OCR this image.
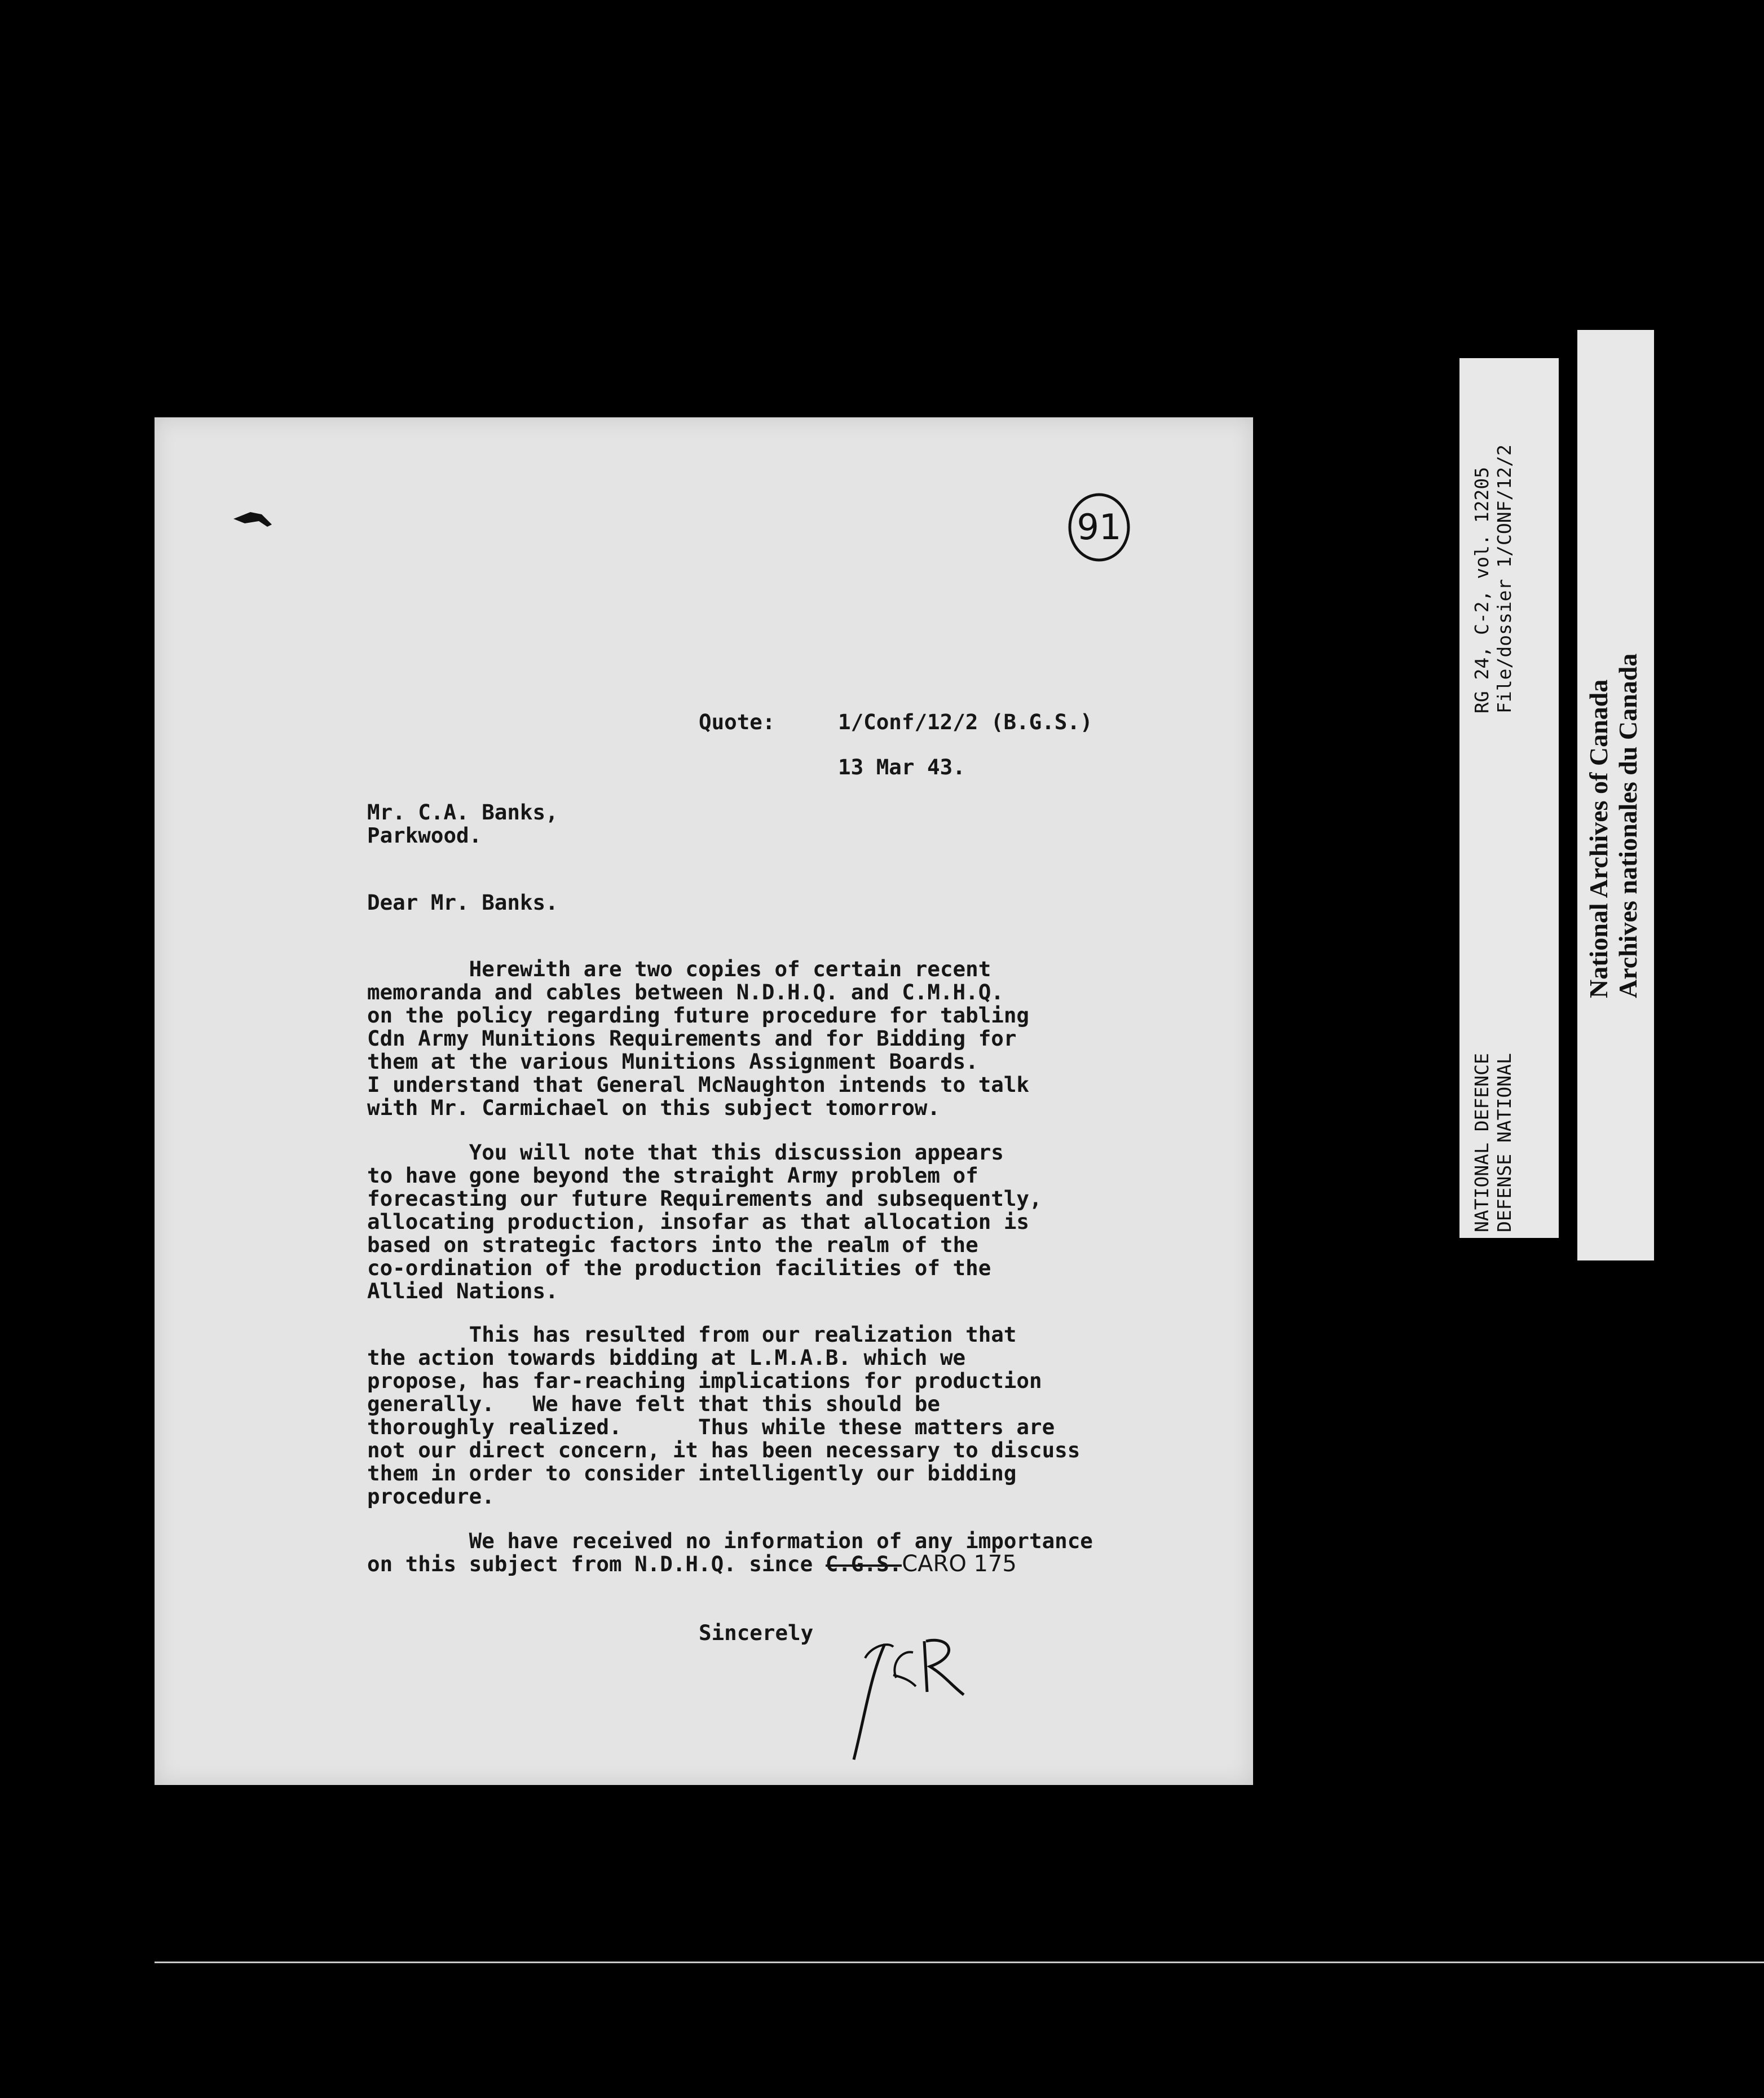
91
Quote:	1/Conf/12/2 (B.G.S.)
13 Mar 43.
Mr. C.A. Banks,
Parkwood.
Dear Mr. Banks.
Herewith are two copies of certain recent
memoranda and cables between N.D.H.Q. and C.M.H.Q.
on the policy regarding future procedure for tabling
Cdn Army Munitions Requirements and for Bidding for
them at the various Munitions Assignment Boards.
I understand that General McNaughton intends to talk
with Mr. Carmichael on this subject tomorrow.
You will note that this discussion appears
to have gone beyond the straight Army problem of
forecasting our future Requirements and subsequently,
allocating production, insofar as that allocation is
based on strategic factors into the realm of the
co-ordination of the production facilities of the
Allied Nations.
This has resulted from our realization that
the action towards bidding at L.M.A.B. which we
propose, has far-reaching implications for production
generally.   We have felt that this should be
thoroughly realized.      Thus while these matters are
not our direct concern, it has been necessary to discuss
them in order to consider intelligently our bidding
procedure.
We have received no information of any importance
on this subject from N.D.H.Q. since C.G.S.CARO 175
Sincerely
RG 24, C-2, vol. 12205 File/dossier 1/CONF/12/2
NATIONAL DEFENCE DEFENSE NATIONAL
National Archives of Canada Archives nationales du Canada
